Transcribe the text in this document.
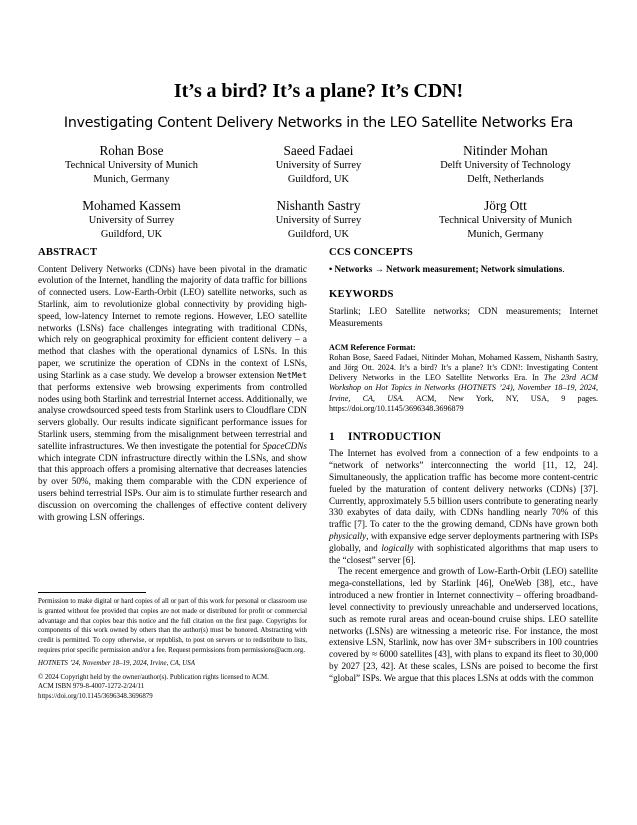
It’s a bird? It’s a plane? It’s CDN!
Investigating Content Delivery Networks in the LEO Satellite Networks Era
Rohan Bose
Technical University of Munich
Munich, Germany
Saeed Fadaei
University of Surrey
Guildford, UK
Nitinder Mohan
Delft University of Technology
Delft, Netherlands
Mohamed Kassem
University of Surrey
Guildford, UK
Nishanth Sastry
University of Surrey
Guildford, UK
Jörg Ott
Technical University of Munich
Munich, Germany
ABSTRACT

Content Delivery Networks (CDNs) have been pivotal in the dramatic evolution of the Internet, handling the majority of data traffic for billions of connected users. Low-Earth-Orbit (LEO) satellite networks, such as Starlink, aim to revolutionize global connectivity by providing high-speed, low-latency Internet to remote regions. However, LEO satellite networks (LSNs) face challenges integrating with traditional CDNs, which rely on geographical proximity for efficient content delivery – a method that clashes with the operational dynamics of LSNs. In this paper, we scrutinize the operation of CDNs in the context of LSNs, using Starlink as a case study. We develop a browser extension NetMet that performs extensive web browsing experiments from controlled nodes using both Starlink and terrestrial Internet access. Additionally, we analyse crowdsourced speed tests from Starlink users to Cloudflare CDN servers globally. Our results indicate significant performance issues for Starlink users, stemming from the misalignment between terrestrial and satellite infrastructures. We then investigate the potential for SpaceCDNs which integrate CDN infrastructure directly within the LSNs, and show that this approach offers a promising alternative that decreases latencies by over 50%, making them comparable with the CDN experience of users behind terrestrial ISPs. Our aim is to stimulate further research and discussion on overcoming the challenges of effective content delivery with growing LSN offerings.

Permission to make digital or hard copies of all or part of this work for personal or classroom use is granted without fee provided that copies are not made or distributed for profit or commercial advantage and that copies bear this notice and the full citation on the first page. Copyrights for components of this work owned by others than the author(s) must be honored. Abstracting with credit is permitted. To copy otherwise, or republish, to post on servers or to redistribute to lists, requires prior specific permission and/or a fee. Request permissions from permissions@acm.org.

HOTNETS ’24, November 18–19, 2024, Irvine, CA, USA

© 2024 Copyright held by the owner/author(s). Publication rights licensed to ACM.

ACM ISBN 979-8-4007-1272-2/24/11

https://doi.org/10.1145/3696348.3696879

CCS CONCEPTS

• Networks → Network measurement; Network simulations.

KEYWORDS

Starlink; LEO Satellite networks; CDN measurements; Internet Measurements

ACM Reference Format:
Rohan Bose, Saeed Fadaei, Nitinder Mohan, Mohamed Kassem, Nishanth Sastry, and Jörg Ott. 2024. It’s a bird? It’s a plane? It’s CDN!: Investigating Content Delivery Networks in the LEO Satellite Networks Era. In The 23rd ACM Workshop on Hot Topics in Networks (HOTNETS ’24), November 18–19, 2024, Irvine, CA, USA. ACM, New York, NY, USA, 9 pages. https://doi.org/10.1145/3696348.3696879
1	INTRODUCTION

The Internet has evolved from a connection of a few endpoints to a “network of networks” interconnecting the world [11, 12, 24]. Simultaneously, the application traffic has become more content-centric fueled by the maturation of content delivery networks (CDNs) [37]. Currently, approximately 5.5 billion users contribute to generating nearly 330 exabytes of data daily, with CDNs handling nearly 70% of this traffic [7]. To cater to the the growing demand, CDNs have grown both physically, with expansive edge server deployments partnering with ISPs globally, and logically with sophisticated algorithms that map users to the “closest” server [6].

The recent emergence and growth of Low-Earth-Orbit (LEO) satellite mega-constellations, led by Starlink [46], OneWeb [38], etc., have introduced a new frontier in Internet connectivity – offering broadband-level connectivity to previously unreachable and underserved locations, such as remote rural areas and ocean-bound cruise ships. LEO satellite networks (LSNs) are witnessing a meteoric rise. For instance, the most extensive LSN, Starlink, now has over 3M+ subscribers in 100 countries covered by ≈ 6000 satellites [43], with plans to expand its fleet to 30,000 by 2027 [23, 42]. At these scales, LSNs are poised to become the first “global” ISPs. We argue that this places LSNs at odds with the common
